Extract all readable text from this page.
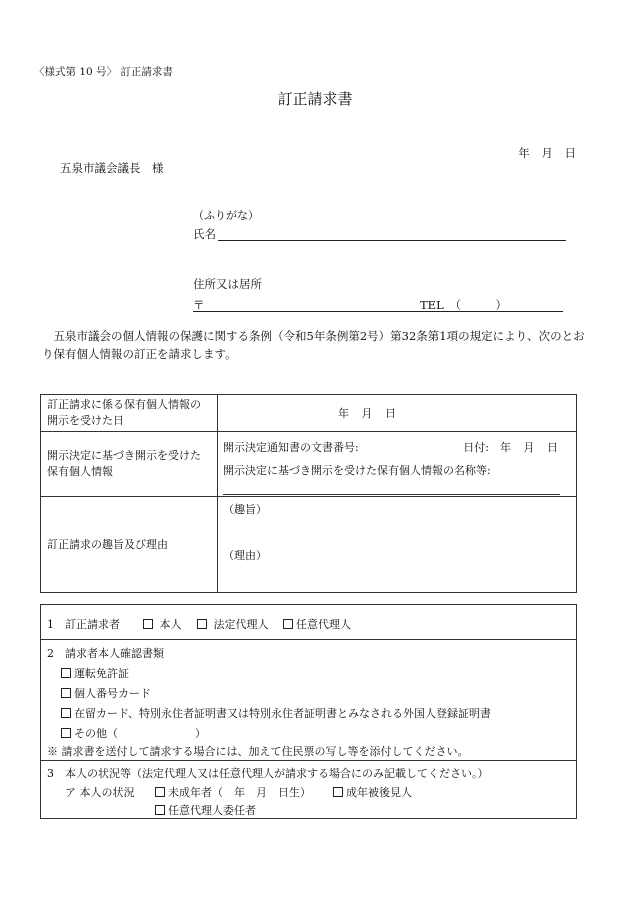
〈様式第 10 号〉 訂正請求書
訂正請求書
年 月 日
五泉市議会議長　様
（ふりがな）
氏名
住所又は居所
〒	TEL　（　　　）
五泉市議会の個人情報の保護に関する条例（令和5年条例第2号）第32条第1項の規定により、次のとおり保有個人情報の訂正を請求します。
訂正請求に係る保有個人情報の開示を受けた日	年 月 日
開示決定に基づき開示を受けた保有個人情報	開示決定通知書の文書番号: 日付:　年 月 日
開示決定に基づき開示を受けた保有個人情報の名称等:

訂正請求の趣旨及び理由	（趣旨）
（理由）
1　訂正請求者	本人	法定代理人	任意代理人
2　請求者本人確認書類
運転免許証
個人番号カード
在留カード、特別永住者証明書又は特別永住者証明書とみなされる外国人登録証明書
その他（　　　　　　　）
※ 請求書を送付して請求する場合には、加えて住民票の写し等を添付してください。
3　本人の状況等（法定代理人又は任意代理人が請求する場合にのみ記載してください。）
ア 本人の状況	未成年者（　年　月　日生）	成年被後見人
任意代理人委任者
